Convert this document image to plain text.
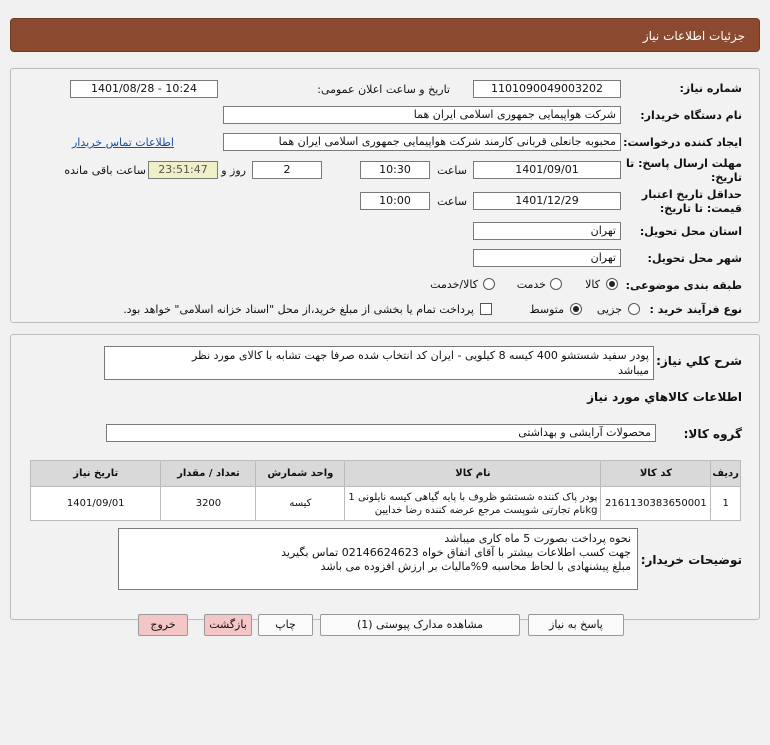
جزئیات اطلاعات نیاز
شماره نیاز:
1101090049003202
تاریخ و ساعت اعلان عمومی:
1401/08/28 - 10:24
نام دستگاه خریدار:
شرکت هواپیمایی جمهوری اسلامی ایران هما
ایجاد کننده درخواست:
محبوبه جانعلی قربانی کارمند شرکت هواپیمایی جمهوری اسلامی ایران هما
اطلاعات تماس خریدار
مهلت ارسال پاسخ: تا
تاریخ:
1401/09/01
ساعت
10:30
2
روز و
23:51:47
ساعت باقی مانده
حداقل تاریخ اعتبار
قیمت: تا تاریخ:
1401/12/29
ساعت
10:00
استان محل تحویل:
تهران
شهر محل تحویل:
تهران
طبقه بندی موضوعی:
کالا
خدمت
کالا/خدمت
نوع فرآیند خرید :
جزیی
متوسط
پرداخت تمام یا بخشی از مبلغ خرید،از محل "اسناد خزانه اسلامی" خواهد بود.
شرح کلي نياز:
پودر سفید شستشو 400 کیسه 8 کیلویی - ایران کد انتخاب شده صرفا جهت تشابه با کالای مورد نظر
میباشد
اطلاعات کالاهاي مورد نياز
گروه کالا:
محصولات آرایشی و بهداشتی
ردیف	کد کالا	نام کالا	واحد شمارش	تعداد / مقدار	تاریخ نیاز
1	2161130383650001	پودر پاک کننده شستشو ظروف با پایه گیاهی کیسه نایلونی 1
kgنام تجارتی شوپست مرجع عرضه کننده رضا خدایین	کیسه	3200	1401/09/01
توضیحات خریدار:
نحوه پرداخت بصورت 5 ماه کاری میباشد
جهت کسب اطلاعات بیشتر با آقای اتفاق خواه 02146624623 تماس بگیرید
مبلغ پیشنهادی با لحاظ محاسبه 9%مالیات بر ارزش افزوده می باشد
پاسخ به نیاز
مشاهده مدارک پیوستی (1)
چاپ
بازگشت
خروج
